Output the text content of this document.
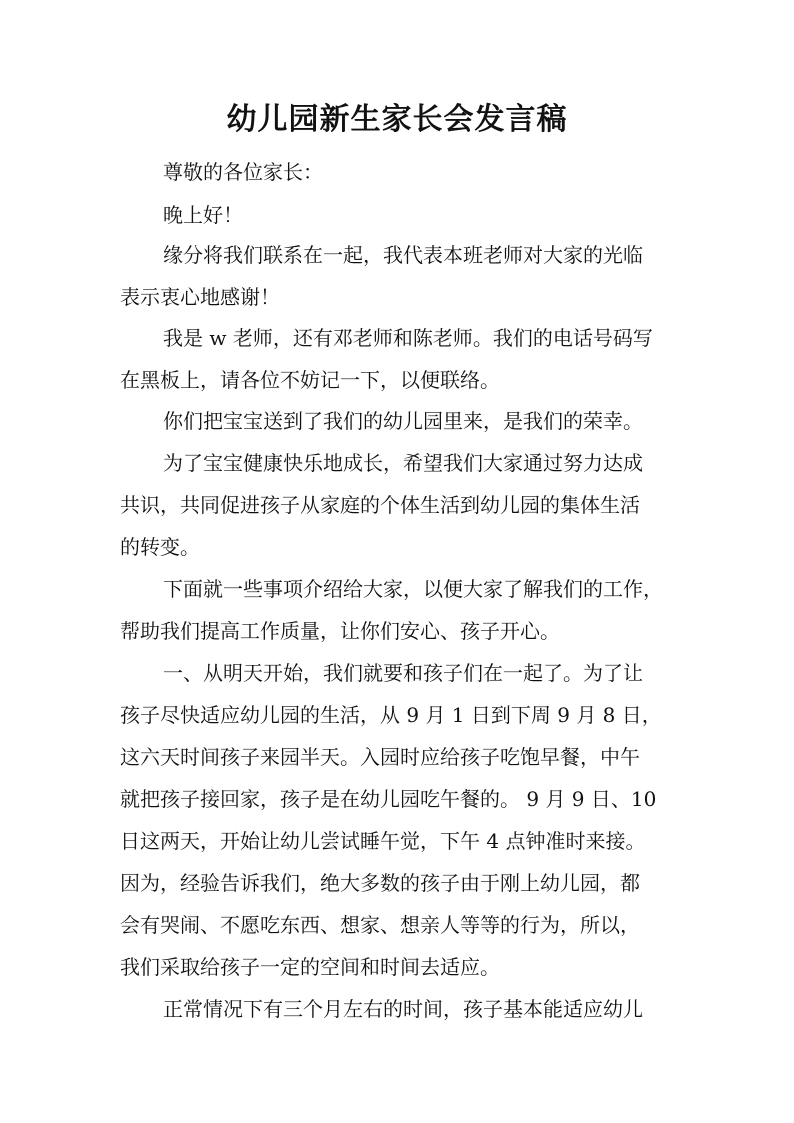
幼儿园新生家长会发言稿
尊敬的各位家长：
晚上好！
缘分将我们联系在一起，我代表本班老师对大家的光临
表示衷心地感谢！
我是 w 老师，还有邓老师和陈老师。我们的电话号码写
在黑板上，请各位不妨记一下，以便联络。
你们把宝宝送到了我们的幼儿园里来，是我们的荣幸。
为了宝宝健康快乐地成长，希望我们大家通过努力达成
共识，共同促进孩子从家庭的个体生活到幼儿园的集体生活
的转变。
下面就一些事项介绍给大家，以便大家了解我们的工作，
帮助我们提高工作质量，让你们安心、孩子开心。
一、从明天开始，我们就要和孩子们在一起了。为了让
孩子尽快适应幼儿园的生活，从 9 月 1 日到下周 9 月 8 日，
这六天时间孩子来园半天。入园时应给孩子吃饱早餐，中午
就把孩子接回家，孩子是在幼儿园吃午餐的。 9 月 9 日、10
日这两天，开始让幼儿尝试睡午觉，下午 4 点钟准时来接。
因为，经验告诉我们，绝大多数的孩子由于刚上幼儿园，都
会有哭闹、不愿吃东西、想家、想亲人等等的行为，所以，
我们采取给孩子一定的空间和时间去适应。
正常情况下有三个月左右的时间，孩子基本能适应幼儿
